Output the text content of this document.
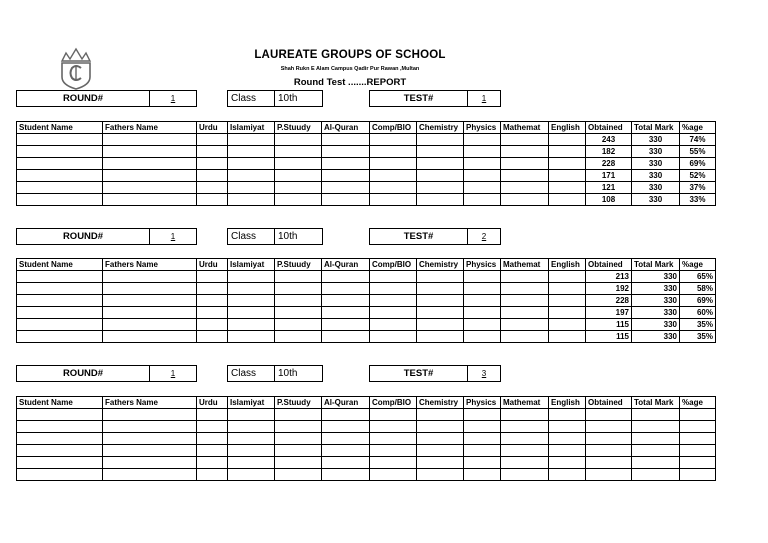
LAUREATE GROUPS OF SCHOOL
Shah Rukn E Alam Campus Qadir Pur Rawan ,Multan
Round Test .......REPORT
ROUND#	1	Class	10th	TEST#	1
Student Name	Fathers Name	Urdu	Islamiyat	P.Stuudy	Al-Quran	Comp/BIO	Chemistry	Physics	Mathemat	English	Obtained	Total Mark	%age
											243	330	74%
											182	330	55%
											228	330	69%
											171	330	52%
											121	330	37%
											108	330	33%
ROUND#	1	Class	10th	TEST#	2
Student Name	Fathers Name	Urdu	Islamiyat	P.Stuudy	Al-Quran	Comp/BIO	Chemistry	Physics	Mathemat	English	Obtained	Total Mark	%age
											213	330	65%
											192	330	58%
											228	330	69%
											197	330	60%
											115	330	35%
											115	330	35%
ROUND#	1	Class	10th	TEST#	3
Student Name	Fathers Name	Urdu	Islamiyat	P.Stuudy	Al-Quran	Comp/BIO	Chemistry	Physics	Mathemat	English	Obtained	Total Mark	%age
